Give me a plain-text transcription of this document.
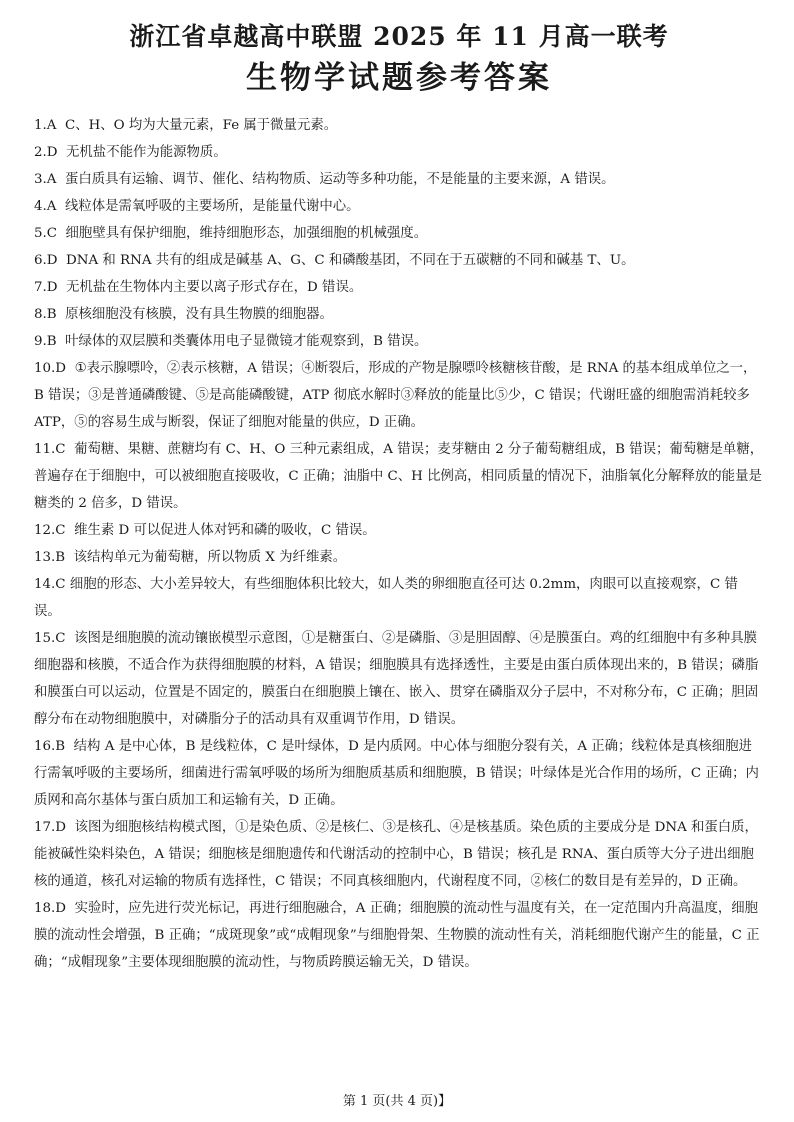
浙江省卓越高中联盟 2025 年 11 月高一联考
生物学试题参考答案

1.A C、H、O 均为大量元素，Fe 属于微量元素。

2.D 无机盐不能作为能源物质。

3.A 蛋白质具有运输、调节、催化、结构物质、运动等多种功能，不是能量的主要来源，A 错误。

4.A 线粒体是需氧呼吸的主要场所，是能量代谢中心。

5.C 细胞壁具有保护细胞，维持细胞形态，加强细胞的机械强度。

6.D DNA 和 RNA 共有的组成是碱基 A、G、C 和磷酸基团，不同在于五碳糖的不同和碱基 T、U。

7.D 无机盐在生物体内主要以离子形式存在，D 错误。

8.B 原核细胞没有核膜，没有具生物膜的细胞器。

9.B 叶绿体的双层膜和类囊体用电子显微镜才能观察到，B 错误。

10.D ①表示腺嘌呤，②表示核糖，A 错误；④断裂后，形成的产物是腺嘌呤核糖核苷酸，是 RNA 的基本组成单位之一，B 错误；③是普通磷酸键、⑤是高能磷酸键，ATP 彻底水解时③释放的能量比⑤少，C 错误；代谢旺盛的细胞需消耗较多 ATP，⑤的容易生成与断裂，保证了细胞对能量的供应，D 正确。

11.C 葡萄糖、果糖、蔗糖均有 C、H、O 三种元素组成，A 错误；麦芽糖由 2 分子葡萄糖组成，B 错误；葡萄糖是单糖，普遍存在于细胞中，可以被细胞直接吸收，C 正确；油脂中 C、H 比例高，相同质量的情况下，油脂氧化分解释放的能量是糖类的 2 倍多，D 错误。

12.C 维生素 D 可以促进人体对钙和磷的吸收，C 错误。

13.B 该结构单元为葡萄糖，所以物质 X 为纤维素。

14.C 细胞的形态、大小差异较大，有些细胞体积比较大，如人类的卵细胞直径可达 0.2mm，肉眼可以直接观察，C 错误。

15.C 该图是细胞膜的流动镶嵌模型示意图，①是糖蛋白、②是磷脂、③是胆固醇、④是膜蛋白。鸡的红细胞中有多种具膜细胞器和核膜，不适合作为获得细胞膜的材料，A 错误；细胞膜具有选择透性，主要是由蛋白质体现出来的，B 错误；磷脂和膜蛋白可以运动，位置是不固定的，膜蛋白在细胞膜上镶在、嵌入、贯穿在磷脂双分子层中，不对称分布，C 正确；胆固醇分布在动物细胞膜中，对磷脂分子的活动具有双重调节作用，D 错误。

16.B 结构 A 是中心体，B 是线粒体，C 是叶绿体，D 是内质网。中心体与细胞分裂有关，A 正确；线粒体是真核细胞进行需氧呼吸的主要场所，细菌进行需氧呼吸的场所为细胞质基质和细胞膜，B 错误；叶绿体是光合作用的场所，C 正确；内质网和高尔基体与蛋白质加工和运输有关，D 正确。

17.D 该图为细胞核结构模式图，①是染色质、②是核仁、③是核孔、④是核基质。染色质的主要成分是 DNA 和蛋白质，能被碱性染料染色，A 错误；细胞核是细胞遗传和代谢活动的控制中心，B 错误；核孔是 RNA、蛋白质等大分子进出细胞核的通道，核孔对运输的物质有选择性，C 错误；不同真核细胞内，代谢程度不同，②核仁的数目是有差异的，D 正确。

18.D 实验时，应先进行荧光标记，再进行细胞融合，A 正确；细胞膜的流动性与温度有关，在一定范围内升高温度，细胞膜的流动性会增强，B 正确；“成斑现象”或“成帽现象”与细胞骨架、生物膜的流动性有关，消耗细胞代谢产生的能量，C 正确；“成帽现象”主要体现细胞膜的流动性，与物质跨膜运输无关，D 错误。

第 1 页(共 4 页)】
